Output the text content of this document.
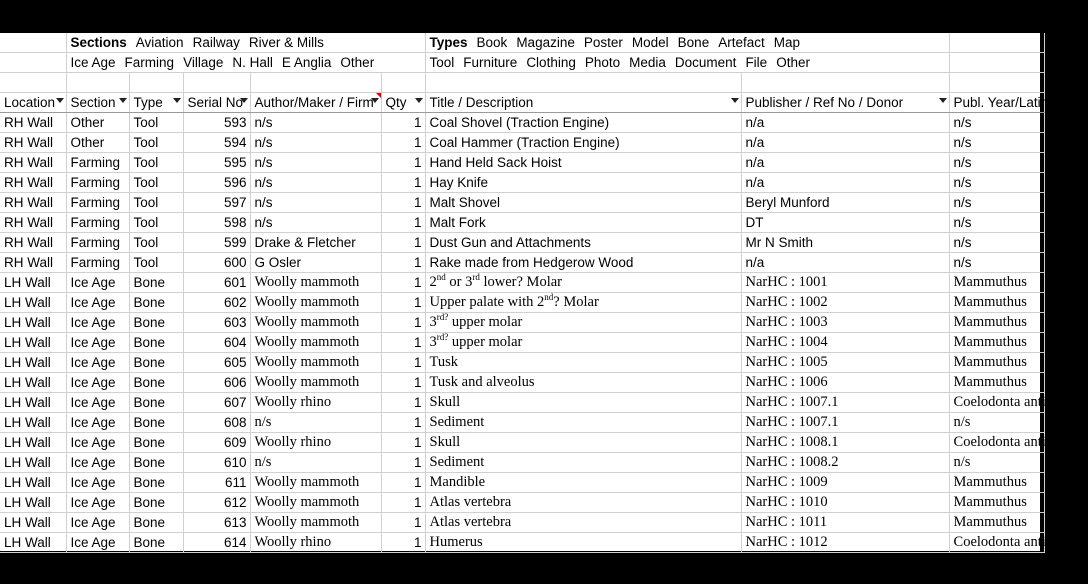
	Sections Aviation Railway River & Mills					Types Book Magazine Poster Model Bone Artefact Map		
	Ice Age Farming Village N. Hall E Anglia Other					Tool Furniture Clothing Photo Media Document File Other		

Location	Section	Type	Serial No	Author/Maker / Firm	Qty	Title / Description	Publisher / Ref No / Donor	Publ. Year/Latin
RH Wall	Other	Tool	593	n/s	1	Coal Shovel (Traction Engine)	n/a	n/s
RH Wall	Other	Tool	594	n/s	1	Coal Hammer (Traction Engine)	n/a	n/s
RH Wall	Farming	Tool	595	n/s	1	Hand Held Sack Hoist	n/a	n/s
RH Wall	Farming	Tool	596	n/s	1	Hay Knife	n/a	n/s
RH Wall	Farming	Tool	597	n/s	1	Malt Shovel	Beryl Munford	n/s
RH Wall	Farming	Tool	598	n/s	1	Malt Fork	DT	n/s
RH Wall	Farming	Tool	599	Drake & Fletcher	1	Dust Gun and Attachments	Mr N Smith	n/s
RH Wall	Farming	Tool	600	G Osler	1	Rake made from Hedgerow Wood	n/a	n/s
LH Wall	Ice Age	Bone	601	Woolly mammoth	1	2nd or 3rd lower? Molar	NarHC : 1001	Mammuthus
LH Wall	Ice Age	Bone	602	Woolly mammoth	1	Upper palate with 2nd? Molar	NarHC : 1002	Mammuthus
LH Wall	Ice Age	Bone	603	Woolly mammoth	1	$3^{rd?}$ upper molar	NarHC : 1003	Mammuthus
LH Wall	Ice Age	Bone	604	Woolly mammoth	1	$3^{rd?}$ upper molar	NarHC : 1004	Mammuthus
LH Wall	Ice Age	Bone	605	Woolly mammoth	1	Tusk	NarHC : 1005	Mammuthus
LH Wall	Ice Age	Bone	606	Woolly mammoth	1	Tusk and alveolus	NarHC : 1006	Mammuthus
LH Wall	Ice Age	Bone	607	Woolly rhino	1	Skull	NarHC : 1007.1	Coelodonta antiquitatis
LH Wall	Ice Age	Bone	608	n/s	1	Sediment	NarHC : 1007.1	n/s
LH Wall	Ice Age	Bone	609	Woolly rhino	1	Skull	NarHC : 1008.1	Coelodonta antiquitatis
LH Wall	Ice Age	Bone	610	n/s	1	Sediment	NarHC : 1008.2	n/s
LH Wall	Ice Age	Bone	611	Woolly mammoth	1	Mandible	NarHC : 1009	Mammuthus
LH Wall	Ice Age	Bone	612	Woolly mammoth	1	Atlas vertebra	NarHC : 1010	Mammuthus
LH Wall	Ice Age	Bone	613	Woolly mammoth	1	Atlas vertebra	NarHC : 1011	Mammuthus
LH Wall	Ice Age	Bone	614	Woolly rhino	1	Humerus	NarHC : 1012	Coelodonta antiquitatis
